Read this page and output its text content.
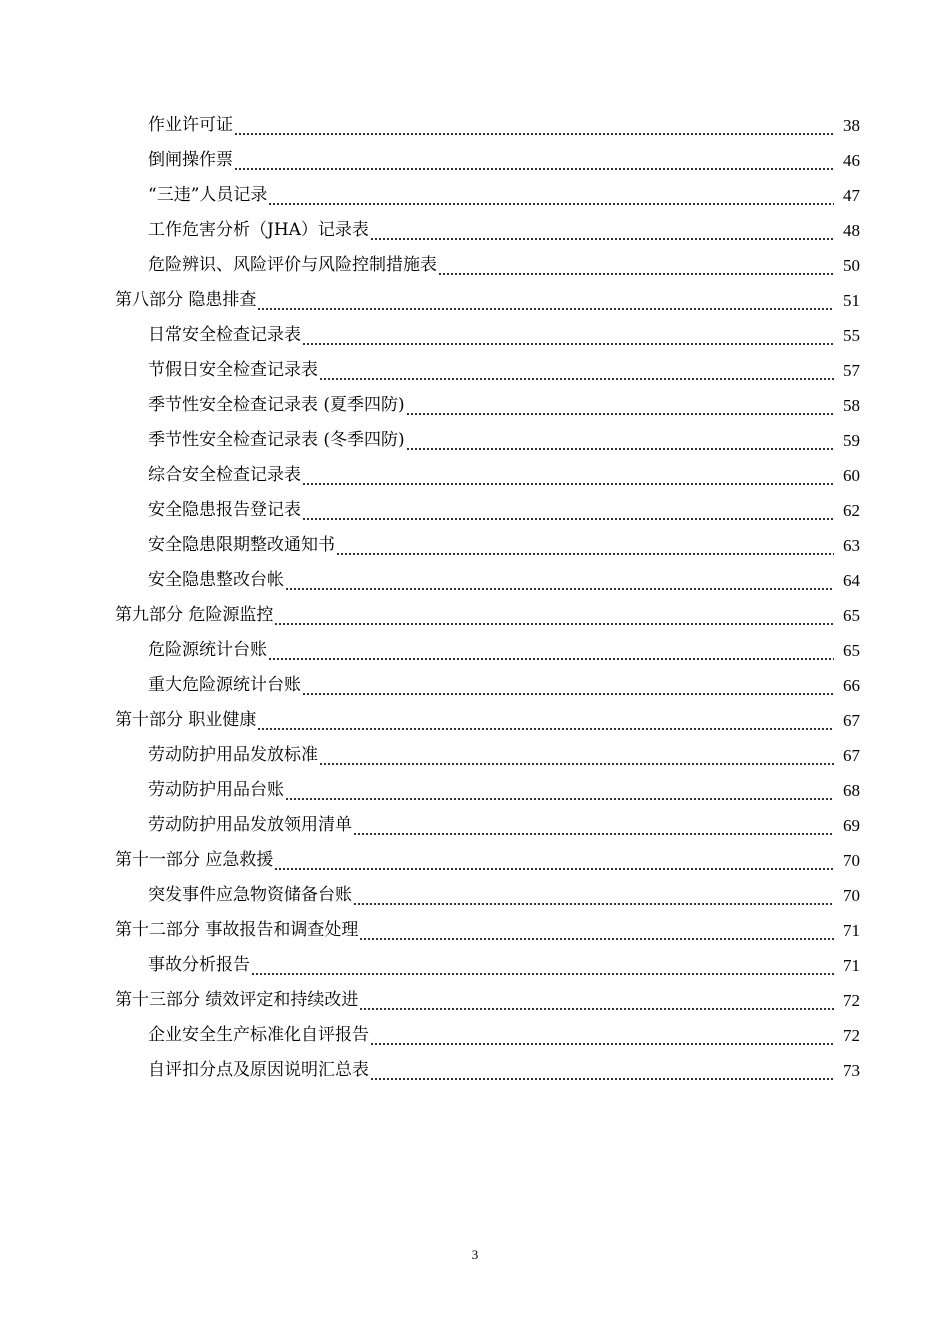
作业许可证	38
倒闸操作票	46
“三违”人员记录	47
工作危害分析（JHA）记录表	48
危险辨识、风险评价与风险控制措施表	50
第八部分 隐患排查	51
日常安全检查记录表	55
节假日安全检查记录表	57
季节性安全检查记录表 (夏季四防)	58
季节性安全检查记录表 (冬季四防)	59
综合安全检查记录表	60
安全隐患报告登记表	62
安全隐患限期整改通知书	63
安全隐患整改台帐	64
第九部分 危险源监控	65
危险源统计台账	65
重大危险源统计台账	66
第十部分 职业健康	67
劳动防护用品发放标准	67
劳动防护用品台账	68
劳动防护用品发放领用清单	69
第十一部分 应急救援	70
突发事件应急物资储备台账	70
第十二部分 事故报告和调查处理	71
事故分析报告	71
第十三部分 绩效评定和持续改进	72
企业安全生产标准化自评报告	72
自评扣分点及原因说明汇总表	73
3
